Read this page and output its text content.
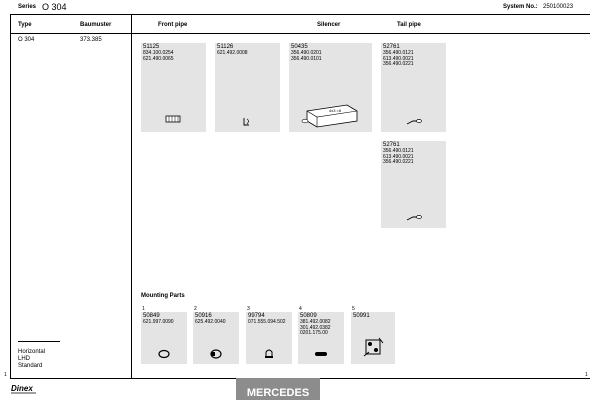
Series O 304	System No.: 250100023
Type	Baumuster
O 304	373.385
Horizontal
LHD
Standard
1
Front pipe	Silencer	Tail pipe
51125
834.100.0254
621.490.0065
51126
621.492.0008
50435
356.490.0201
356.490.0101
4x3 =6
52761
356.490.0121
613.490.0021
356.490.0221
52761
356.490.0121
613.490.0021
356.490.0221
Mounting Parts
1
50849
621.997.0090
2
50916
625.492.0040
3
99794
071.555.094.502
4
50809
381.492.0082
301.492.0382
0201.175.00
5
50991
Dinex	MERCEDES
1
